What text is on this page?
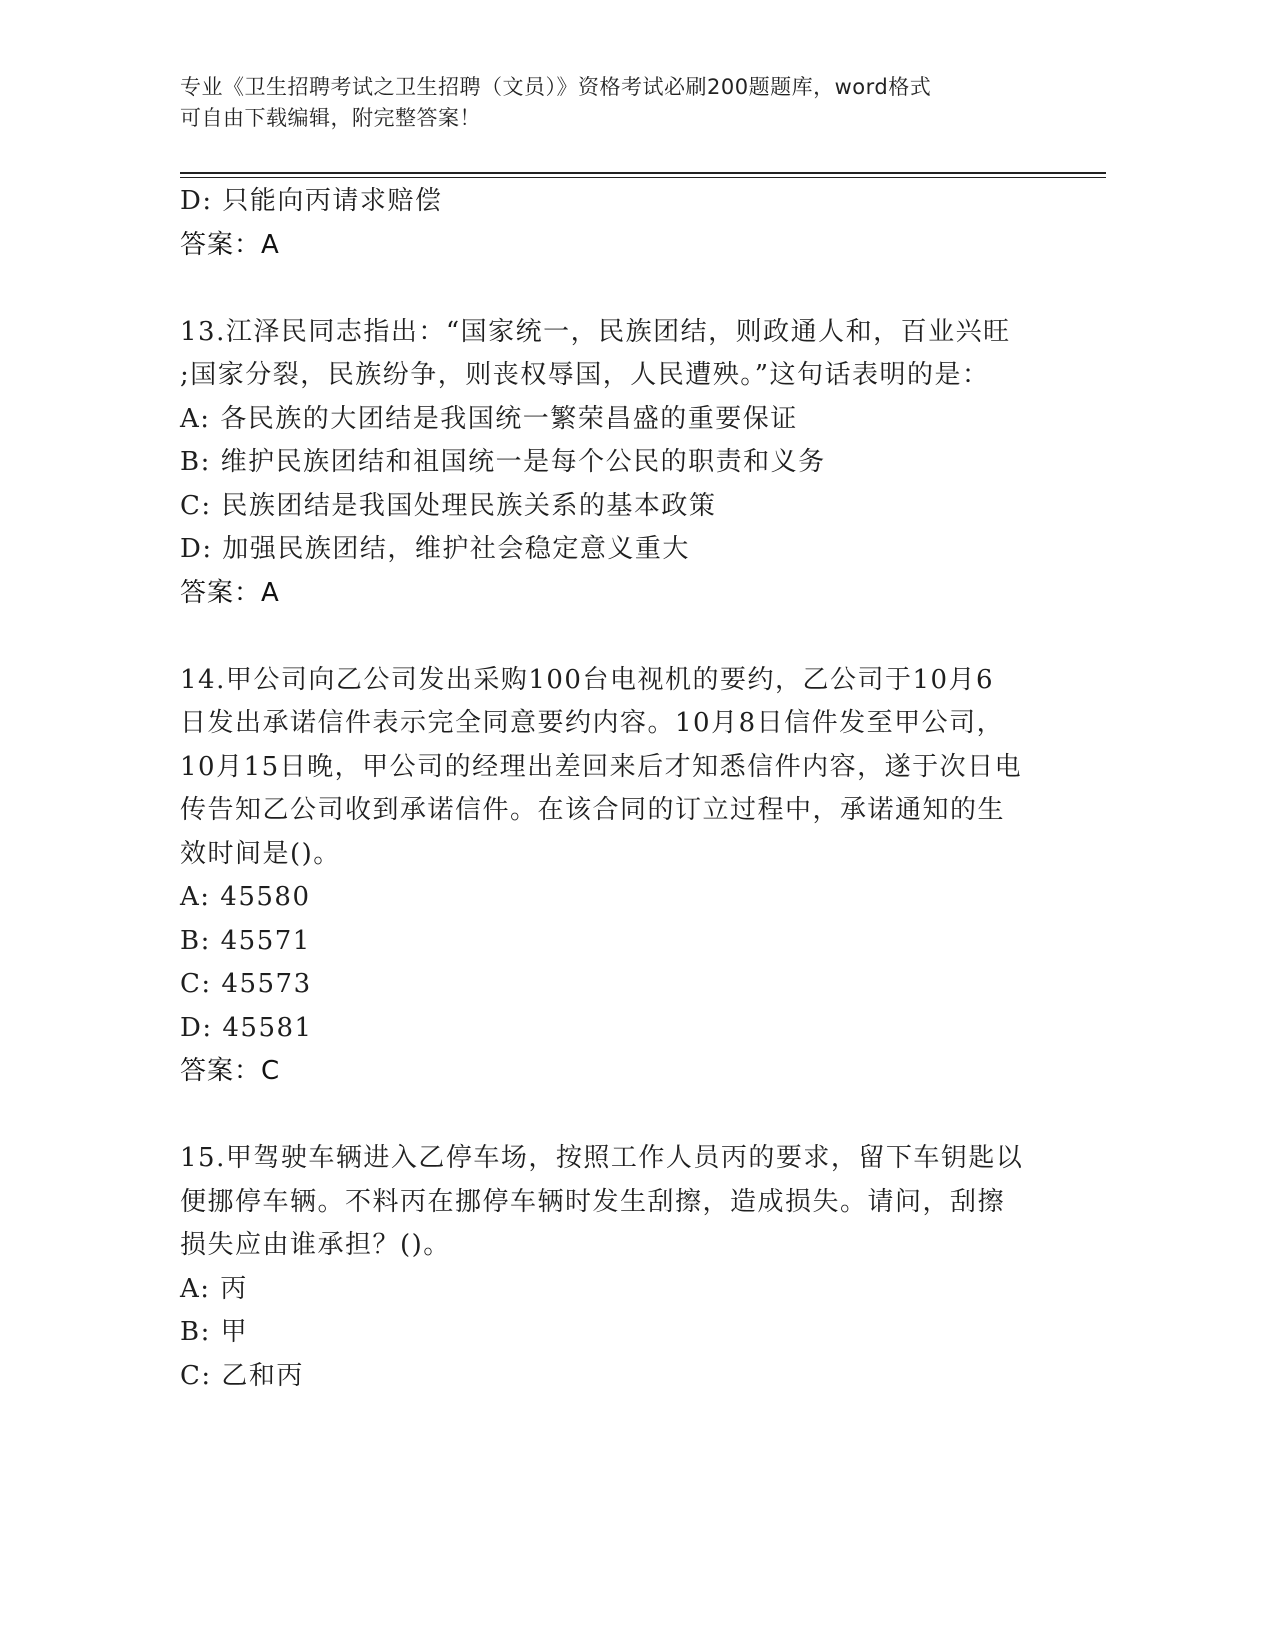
专业《卫生招聘考试之卫生招聘（文员）》资格考试必刷200题题库，word格式
可自由下载编辑，附完整答案！
D: 只能向丙请求赔偿
答案：A
13.江泽民同志指出：“国家统一，民族团结，则政通人和，百业兴旺
;国家分裂，民族纷争，则丧权辱国，人民遭殃。”这句话表明的是：
A: 各民族的大团结是我国统一繁荣昌盛的重要保证
B: 维护民族团结和祖国统一是每个公民的职责和义务
C: 民族团结是我国处理民族关系的基本政策
D: 加强民族团结，维护社会稳定意义重大
答案：A
14.甲公司向乙公司发出采购100台电视机的要约，乙公司于10月6
日发出承诺信件表示完全同意要约内容。10月8日信件发至甲公司，
10月15日晚，甲公司的经理出差回来后才知悉信件内容，遂于次日电
传告知乙公司收到承诺信件。在该合同的订立过程中，承诺通知的生
效时间是()。
A: 45580
B: 45571
C: 45573
D: 45581
答案：C
15.甲驾驶车辆进入乙停车场，按照工作人员丙的要求，留下车钥匙以
便挪停车辆。不料丙在挪停车辆时发生刮擦，造成损失。请问，刮擦
损失应由谁承担？()。
A: 丙
B: 甲
C: 乙和丙
